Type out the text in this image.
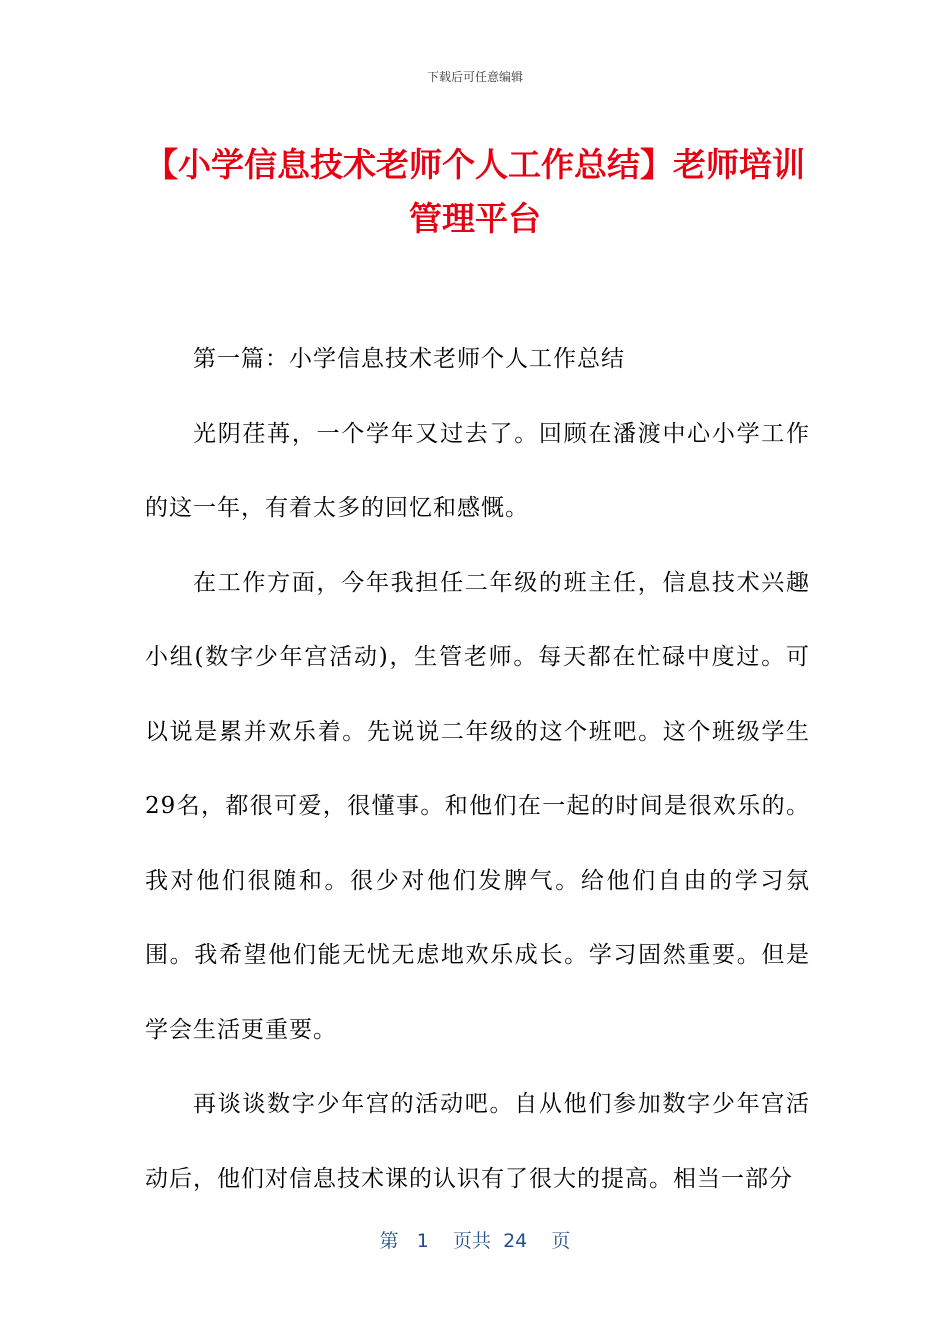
下载后可任意编辑
【小学信息技术老师个人工作总结】老师培训管理平台

第一篇：小学信息技术老师个人工作总结

光阴荏苒，一个学年又过去了。回顾在潘渡中心小学工作的这一年，有着太多的回忆和感慨。

在工作方面，今年我担任二年级的班主任，信息技术兴趣小组(数字少年宫活动)，生管老师。每天都在忙碌中度过。可以说是累并欢乐着。先说说二年级的这个班吧。这个班级学生29名，都很可爱，很懂事。和他们在一起的时间是很欢乐的。我对他们很随和。很少对他们发脾气。给他们自由的学习氛围。我希望他们能无忧无虑地欢乐成长。学习固然重要。但是学会生活更重要。

再谈谈数字少年宫的活动吧。自从他们参加数字少年宫活动后，他们对信息技术课的认识有了很大的提高。相当一部分

第 1 页共 24 页
